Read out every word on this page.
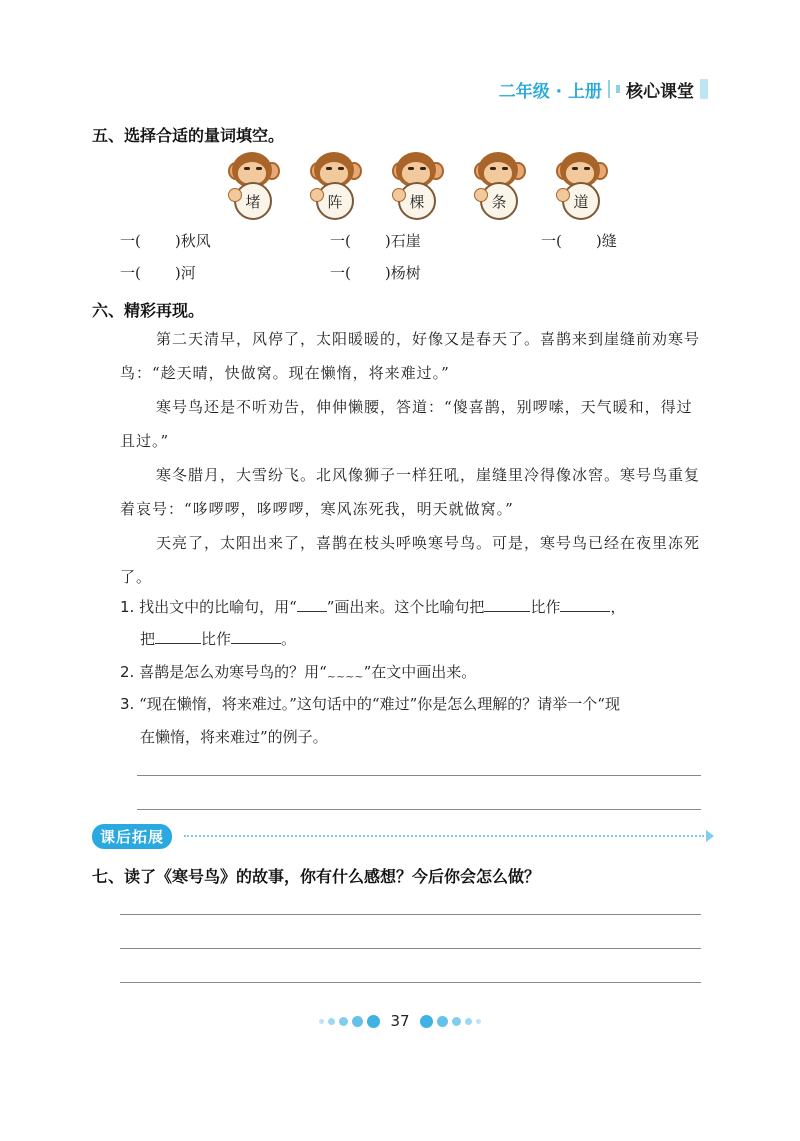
二年级 · 上册 核心课堂
五、选择合适的量词填空。
堵	阵	棵	条	道
一( )秋风	一( )石崖	一( )缝
一( )河	一( )杨树
六、精彩再现。
第二天清早，风停了，太阳暖暖的，好像又是春天了。喜鹊来到崖缝前劝寒号鸟：“趁天晴，快做窝。现在懒惰，将来难过。”
寒号鸟还是不听劝告，伸伸懒腰，答道：“傻喜鹊，别啰嗦，天气暖和，得过且过。”
寒冬腊月，大雪纷飞。北风像狮子一样狂吼，崖缝里冷得像冰窖。寒号鸟重复着哀号：“哆啰啰，哆啰啰，寒风冻死我，明天就做窝。”
天亮了，太阳出来了，喜鹊在枝头呼唤寒号鸟。可是，寒号鸟已经在夜里冻死了。
1. 找出文中的比喻句，用“ ”画出来。这个比喻句把	比作	，
把	比作	。
2. 喜鹊是怎么劝寒号鸟的？用“$_{\sim\sim\sim\sim}$”在文中画出来。
3. “现在懒惰，将来难过。”这句话中的“难过”你是怎么理解的？请举一个“现
在懒惰，将来难过”的例子。
课后拓展
七、读了《寒号鸟》的故事，你有什么感想？今后你会怎么做？
37
